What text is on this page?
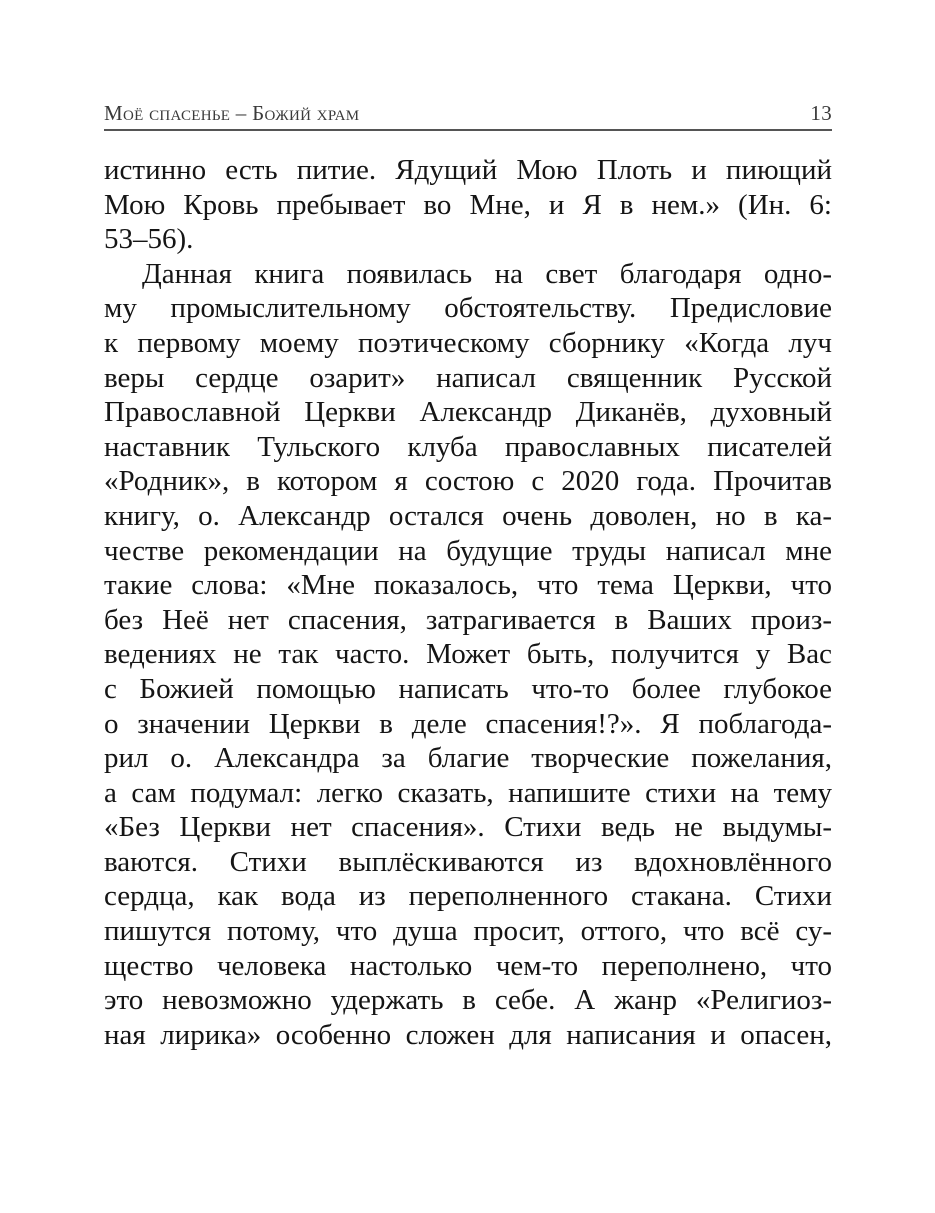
Моё спасенье – Божий храм	13
истинно есть питие. Ядущий Мою Плоть и пиющий
Мою Кровь пребывает во Мне, и Я в нем.» (Ин. 6:
53–56).
Данная книга появилась на свет благодаря одно-
му промыслительному обстоятельству. Предисловие
к первому моему поэтическому сборнику «Когда луч
веры сердце озарит» написал священник Русской
Православной Церкви Александр Диканёв, духовный
наставник Тульского клуба православных писателей
«Родник», в котором я состою с 2020 года. Прочитав
книгу, о. Александр остался очень доволен, но в ка-
честве рекомендации на будущие труды написал мне
такие слова: «Мне показалось, что тема Церкви, что
без Неё нет спасения, затрагивается в Ваших произ-
ведениях не так часто. Может быть, получится у Вас
с Божией помощью написать что-то более глубокое
о значении Церкви в деле спасения!?». Я поблагода-
рил о. Александра за благие творческие пожелания,
а сам подумал: легко сказать, напишите стихи на тему
«Без Церкви нет спасения». Стихи ведь не выдумы-
ваются. Стихи выплёскиваются из вдохновлённого
сердца, как вода из переполненного стакана. Стихи
пишутся потому, что душа просит, оттого, что всё су-
щество человека настолько чем-то переполнено, что
это невозможно удержать в себе. А жанр «Религиоз-
ная лирика» особенно сложен для написания и опасен,
